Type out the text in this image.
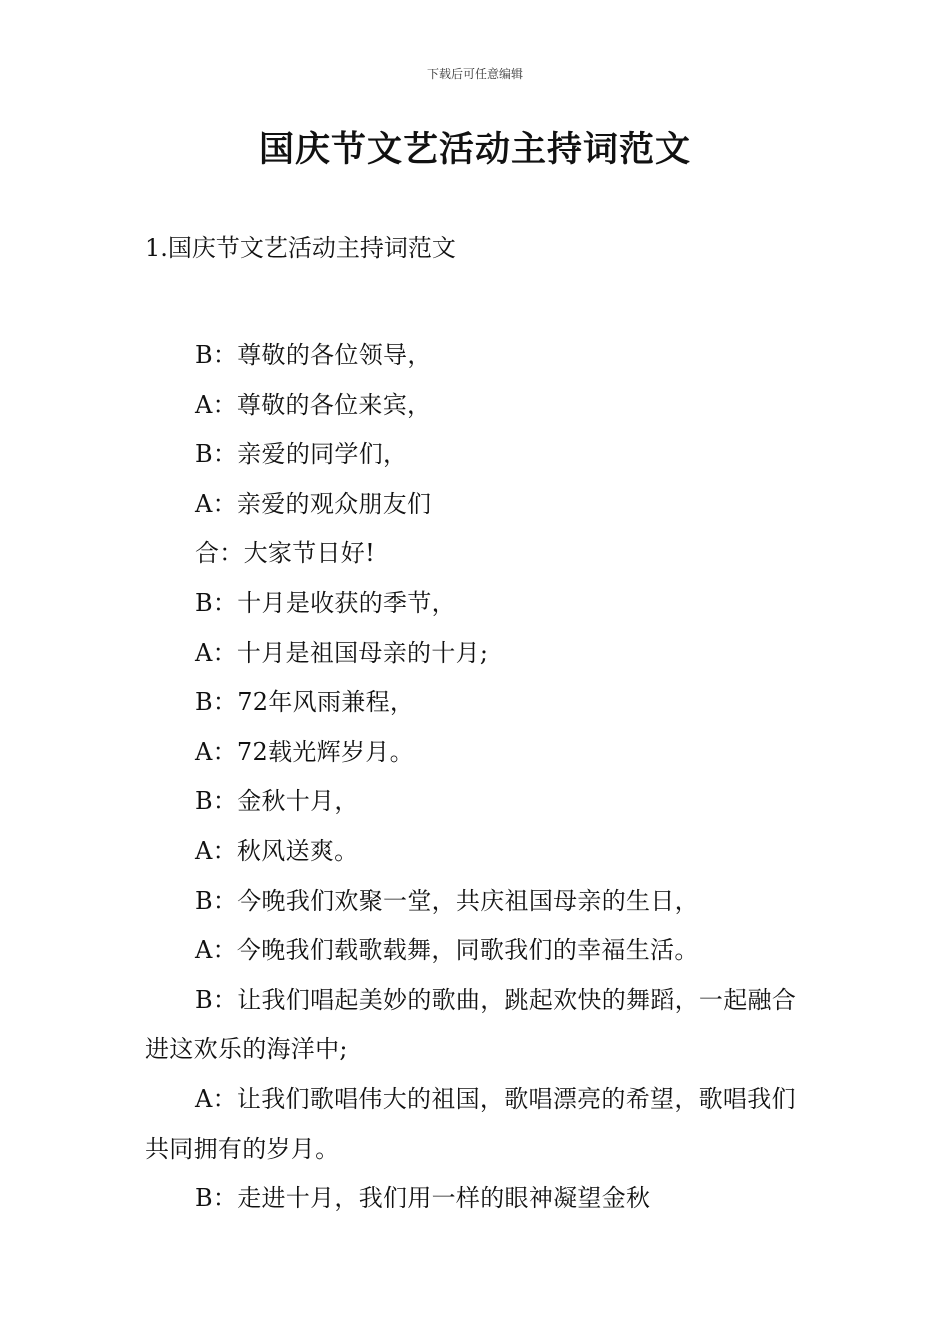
下载后可任意编辑
国庆节文艺活动主持词范文
1.国庆节文艺活动主持词范文

B：尊敬的各位领导，

A：尊敬的各位来宾，

B：亲爱的同学们，

A：亲爱的观众朋友们

合：大家节日好!

B：十月是收获的季节，

A：十月是祖国母亲的十月;

B：72年风雨兼程，

A：72载光辉岁月。

B：金秋十月，

A：秋风送爽。

B：今晚我们欢聚一堂，共庆祖国母亲的生日，

A：今晚我们载歌载舞，同歌我们的幸福生活。

B：让我们唱起美妙的歌曲，跳起欢快的舞蹈，一起融合进这欢乐的海洋中;

A：让我们歌唱伟大的祖国，歌唱漂亮的希望，歌唱我们共同拥有的岁月。

B：走进十月，我们用一样的眼神凝望金秋
